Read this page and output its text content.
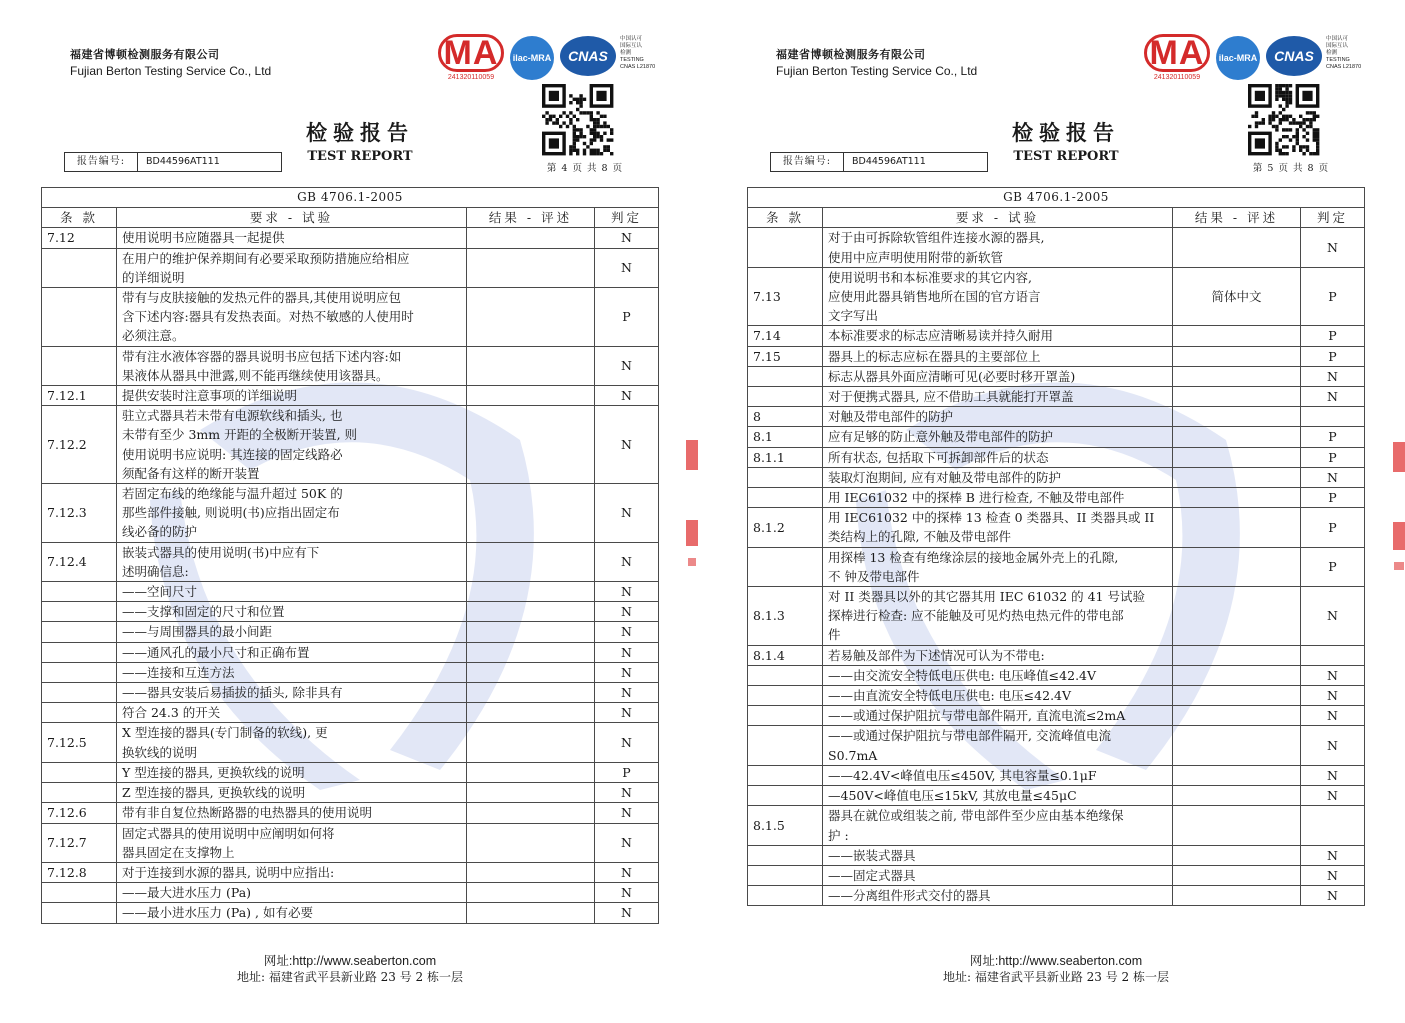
福建省博顿检测服务有限公司
Fujian Berton Testing Service Co., Ltd	MA
241320110059
ilac-MRA	CNAS
中国认可
国际互认
检测
TESTING
CNAS L21870
第 4 页 共 8 页
检验报告
TEST REPORT
报告编号:	BD44596AT111
GB 4706.1-2005			
条 款	要求 - 试验	结果 - 评述	判定
7.12	使用说明书应随器具一起提供		N

	在用户的维护保养期间有必要采取预防措施应给相应
的详细说明		N

	带有与皮肤接触的发热元件的器具,其使用说明应包
含下述内容:器具有发热表面。对热不敏感的人使用时
必须注意。		P

	带有注水液体容器的器具说明书应包括下述内容:如
果液体从器具中泄露,则不能再继续使用该器具。		N
7.12.1	提供安装时注意事项的详细说明		N
7.12.2	驻立式器具若未带有电源软线和插头, 也
未带有至少 3mm 开距的全极断开装置, 则
使用说明书应说明: 其连接的固定线路必
须配备有这样的断开装置		N
7.12.3	若固定布线的绝缘能与温升超过 50K 的
那些部件接触, 则说明(书)应指出固定布
线必备的防护		N
7.12.4	嵌装式器具的使用说明(书)中应有下
述明确信息:		N

	——空间尺寸		N

	——支撑和固定的尺寸和位置		N

	——与周围器具的最小间距		N

	——通风孔的最小尺寸和正确布置		N

	——连接和互连方法		N

	——器具安装后易插拔的插头, 除非具有		N

	符合 24.3 的开关		N
7.12.5	X 型连接的器具(专门制备的软线), 更
换软线的说明		N

	Y 型连接的器具, 更换软线的说明		P

	Z 型连接的器具, 更换软线的说明		N
7.12.6	带有非自复位热断路器的电热器具的使用说明		N
7.12.7	固定式器具的使用说明中应阐明如何将
器具固定在支撑物上		N
7.12.8	对于连接到水源的器具, 说明中应指出:		N

	——最大进水压力 (Pa)		N

	——最小进水压力 (Pa) , 如有必要		N
网址:http://www.seaberton.com
地址: 福建省武平县新业路 23 号 2 栋一层
福建省博顿检测服务有限公司
Fujian Berton Testing Service Co., Ltd	MA
241320110059
ilac-MRA	CNAS
中国认可
国际互认
检测
TESTING
CNAS L21870
第 5 页 共 8 页
检验报告
TEST REPORT
报告编号:	BD44596AT111
GB 4706.1-2005			
条 款	要求 - 试验	结果 - 评述	判定

	对于由可拆除软管组件连接水源的器具,
使用中应声明使用附带的新软管		N
7.13	使用说明书和本标准要求的其它内容,
应使用此器具销售地所在国的官方语言
文字写出	简体中文	P
7.14	本标准要求的标志应清晰易读并持久耐用		P
7.15	器具上的标志应标在器具的主要部位上		P

	标志从器具外面应清晰可见(必要时移开罩盖)		N

	对于便携式器具, 应不借助工具就能打开罩盖		N
8	对触及带电部件的防护		

8.1	应有足够的防止意外触及带电部件的防护		P
8.1.1	所有状态, 包括取下可拆卸部件后的状态		P

	装取灯泡期间, 应有对触及带电部件的防护		N

	用 IEC61032 中的探棒 B 进行检查, 不触及带电部件		P
8.1.2	用 IEC61032 中的探棒 13 检查 0 类器具、II 类器具或 II
类结构上的孔隙, 不触及带电部件		P

	用探棒 13 检查有绝缘涂层的接地金属外壳上的孔隙,
不 钟及带电部件		P
8.1.3	对 II 类器具以外的其它器其用 IEC 61032 的 41 号试验
探棒进行检查: 应不能触及可见灼热电热元件的带电部
件		N
8.1.4	若易触及部件为下述情况可认为不带电:		

	——由交流安全特低电压供电: 电压峰值≤42.4V		N

	——由直流安全特低电压供电: 电压≤42.4V		N

	——或通过保护阻抗与带电部件隔开, 直流电流≤2mA		N

	——或通过保护阻抗与带电部件隔开, 交流峰值电流
S0.7mA		N

	——42.4V<峰值电压≤450V, 其电容量≤0.1μF		N

	—450V<峰值电压≤15kV, 其放电量≤45μC		N
8.1.5	器具在就位或组装之前, 带电部件至少应由基本绝缘保
护 :		

	——嵌装式器具		N

	——固定式器具		N

	——分离组件形式交付的器具		N
网址:http://www.seaberton.com
地址: 福建省武平县新业路 23 号 2 栋一层
